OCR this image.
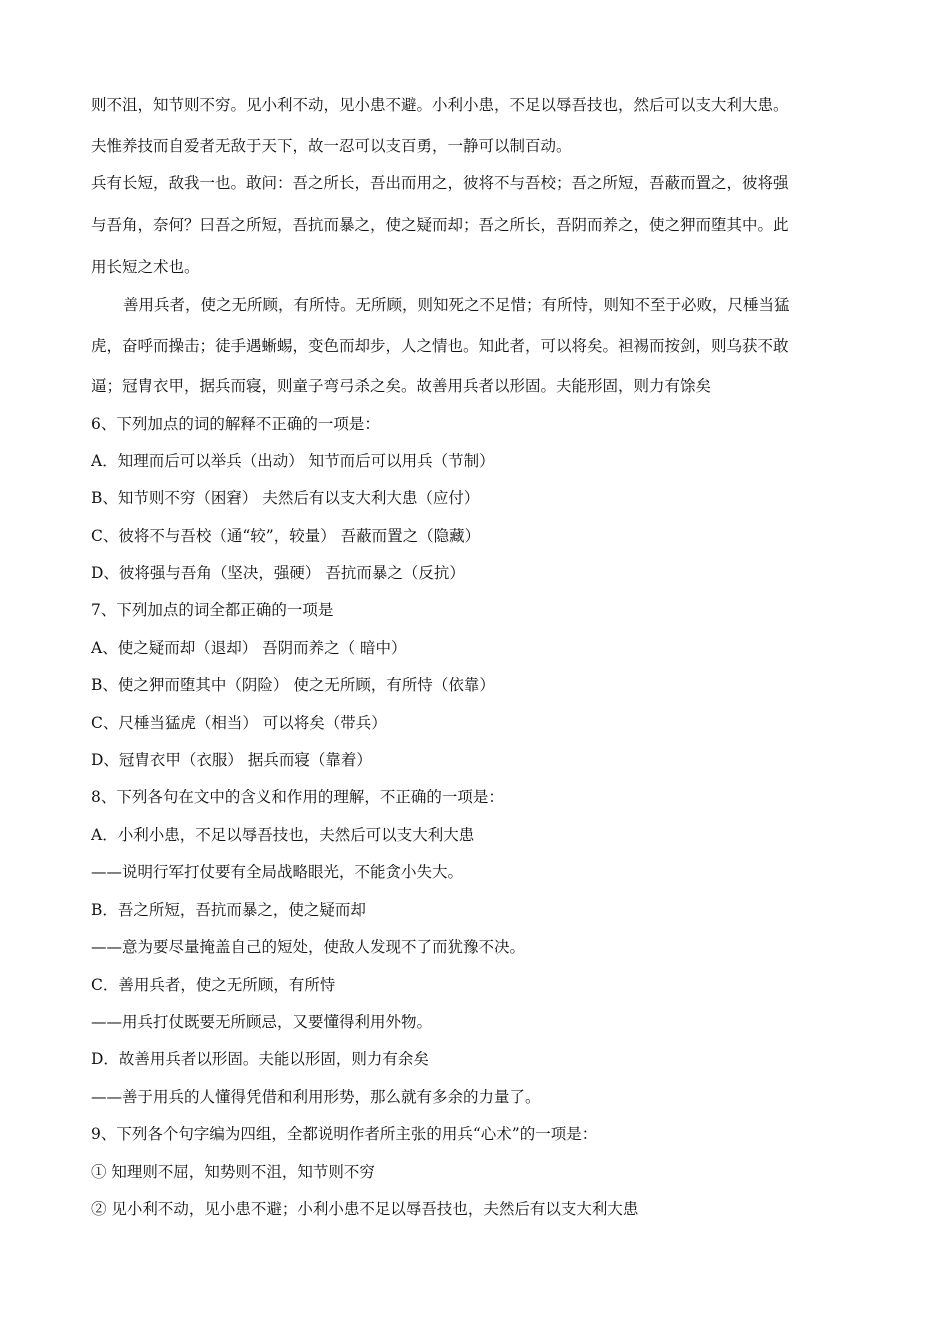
则不沮，知节则不穷。见小利不动，见小患不避。小利小患，不足以辱吾技也，然后可以支大利大患。
夫惟养技而自爱者无敌于天下，故一忍可以支百勇，一静可以制百动。
兵有长短，敌我一也。敢问：吾之所长，吾出而用之，彼将不与吾校；吾之所短，吾蔽而置之，彼将强
与吾角，奈何？曰吾之所短，吾抗而暴之，使之疑而却；吾之所长，吾阴而养之，使之狎而堕其中。此
用长短之术也。
善用兵者，使之无所顾，有所恃。无所顾，则知死之不足惜；有所恃，则知不至于必败，尺棰当猛
虎，奋呼而操击；徒手遇蜥蜴，变色而却步，人之情也。知此者，可以将矣。袒裼而按剑，则乌获不敢
逼；冠胄衣甲，据兵而寝，则童子弯弓杀之矣。故善用兵者以形固。夫能形固，则力有馀矣
6、下列加点的词的解释不正确的一项是：
A．知理而后可以举兵（出动） 知节而后可以用兵（节制）
B、知节则不穷（困窘） 夫然后有以支大利大患（应付）
C、彼将不与吾校（通“较”，较量） 吾蔽而置之（隐藏）
D、彼将强与吾角（坚决，强硬） 吾抗而暴之（反抗）
7、下列加点的词全都正确的一项是
A、使之疑而却（退却） 吾阴而养之（ 暗中）
B、使之狎而堕其中（阴险） 使之无所顾，有所恃（依靠）
C、尺棰当猛虎（相当） 可以将矣（带兵）
D、冠胄衣甲（衣服） 据兵而寝（靠着）
8、下列各句在文中的含义和作用的理解，不正确的一项是：
A．小利小患，不足以辱吾技也，夫然后可以支大利大患
——说明行军打仗要有全局战略眼光，不能贪小失大。
B．吾之所短，吾抗而暴之，使之疑而却
——意为要尽量掩盖自己的短处，使敌人发现不了而犹豫不决。
C．善用兵者，使之无所顾，有所恃
——用兵打仗既要无所顾忌，又要懂得利用外物。
D．故善用兵者以形固。夫能以形固，则力有余矣
——善于用兵的人懂得凭借和利用形势，那么就有多余的力量了。
9、下列各个句字编为四组，全都说明作者所主张的用兵“心术”的一项是：
① 知理则不屈，知势则不沮，知节则不穷
② 见小利不动，见小患不避；小利小患不足以辱吾技也，夫然后有以支大利大患
